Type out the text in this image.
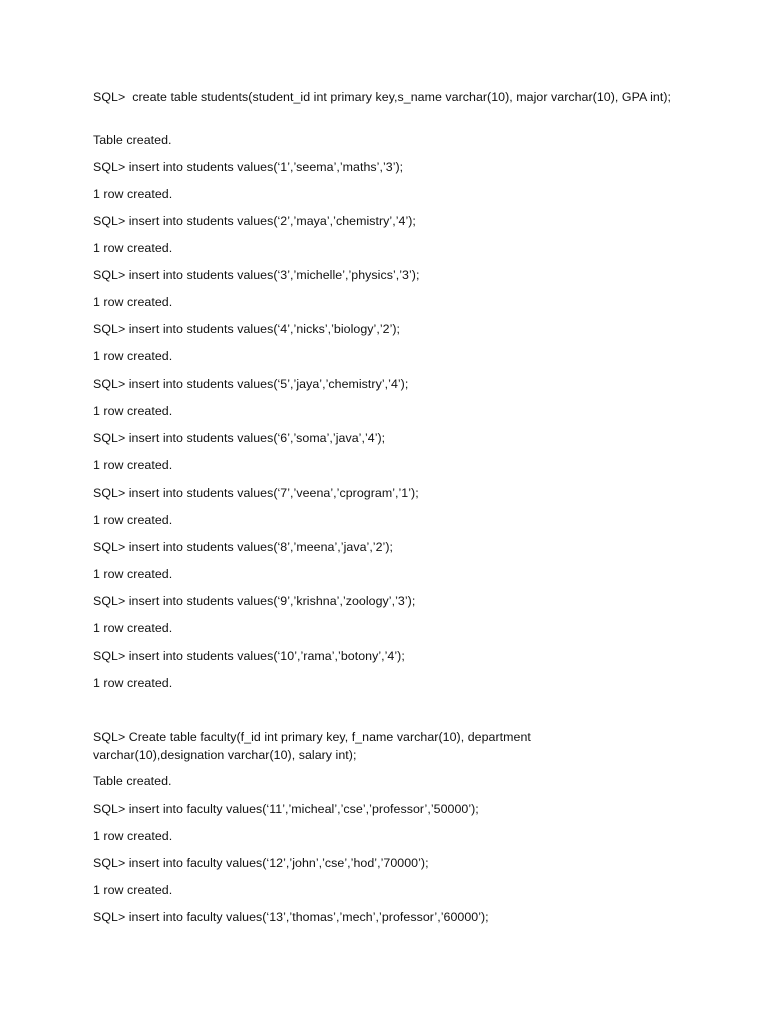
SQL>  create table students(student_id int primary key,s_name varchar(10), major varchar(10), GPA int);
Table created.
SQL> insert into students values(‘1’,’seema’,’maths’,’3’);
1 row created.
SQL> insert into students values(‘2’,’maya’,’chemistry’,’4’);
1 row created.
SQL> insert into students values(‘3’,’michelle’,’physics’,’3’);
1 row created.
SQL> insert into students values(‘4’,’nicks’,’biology’,’2’);
1 row created.
SQL> insert into students values(‘5’,’jaya’,’chemistry’,’4’);
1 row created.
SQL> insert into students values(‘6’,’soma’,’java’,’4’);
1 row created.
SQL> insert into students values(‘7’,’veena’,’cprogram’,’1’);
1 row created.
SQL> insert into students values(‘8’,’meena’,’java’,’2’);
1 row created.
SQL> insert into students values(‘9’,’krishna’,’zoology’,’3’);
1 row created.
SQL> insert into students values(‘10’,’rama’,’botony’,’4’);
1 row created.
SQL> Create table faculty(f_id int primary key, f_name varchar(10), department varchar(10),designation varchar(10), salary int);
Table created.
SQL> insert into faculty values(‘11’,’micheal’,’cse’,’professor’,’50000’);
1 row created.
SQL> insert into faculty values(‘12’,’john’,’cse’,’hod’,’70000’);
1 row created.
SQL> insert into faculty values(‘13’,’thomas’,’mech’,’professor’,’60000’);
